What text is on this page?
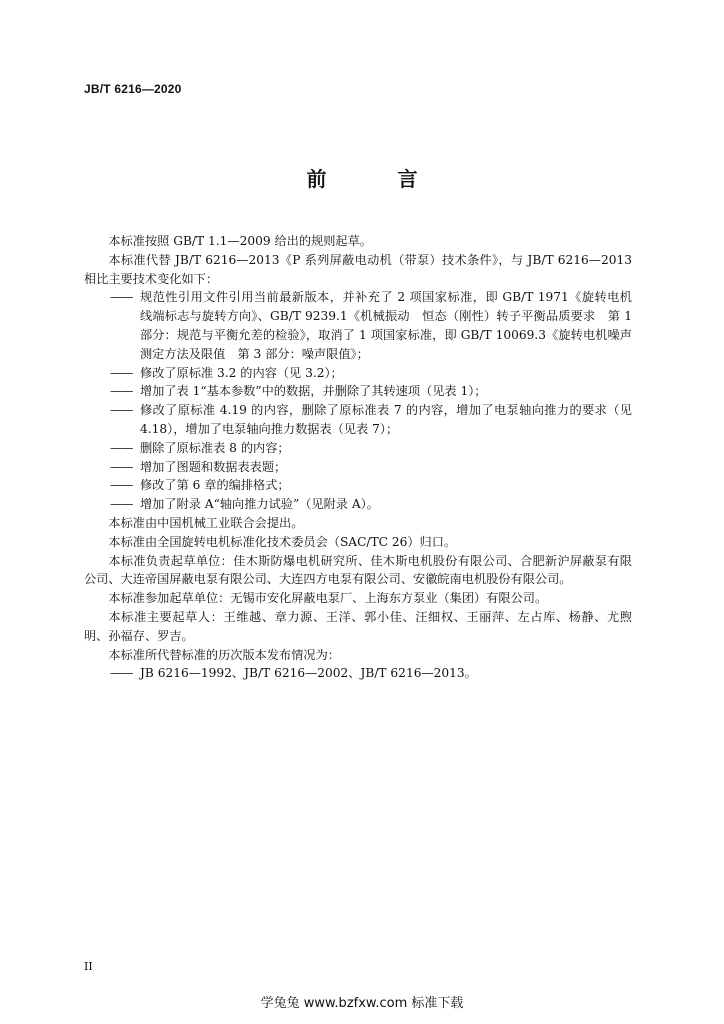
JB/T 6216—2020
前 言

本标准按照 GB/T 1.1—2009 给出的规则起草。

本标准代替 JB/T 6216—2013《P 系列屏蔽电动机（带泵）技术条件》，与 JB/T 6216—2013 相比主要技术变化如下：

—— 规范性引用文件引用当前最新版本，并补充了 2 项国家标准，即 GB/T 1971《旋转电机　线端标志与旋转方向》、GB/T 9239.1《机械振动　恒态（刚性）转子平衡品质要求　第 1 部分：规范与平衡允差的检验》，取消了 1 项国家标准，即 GB/T 10069.3《旋转电机噪声测定方法及限值　第 3 部分：噪声限值》；

—— 修改了原标准 3.2 的内容（见 3.2）；

—— 增加了表 1“基本参数”中的数据，并删除了其转速项（见表 1）；

—— 修改了原标准 4.19 的内容，删除了原标准表 7 的内容，增加了电泵轴向推力的要求（见 4.18），增加了电泵轴向推力数据表（见表 7）；

—— 删除了原标准表 8 的内容；

—— 增加了图题和数据表表题；

—— 修改了第 6 章的编排格式；

—— 增加了附录 A“轴向推力试验”（见附录 A）。

本标准由中国机械工业联合会提出。

本标准由全国旋转电机标准化技术委员会（SAC/TC 26）归口。

本标准负责起草单位：佳木斯防爆电机研究所、佳木斯电机股份有限公司、合肥新沪屏蔽泵有限公司、大连帝国屏蔽电泵有限公司、大连四方电泵有限公司、安徽皖南电机股份有限公司。

本标准参加起草单位：无锡市安化屏蔽电泵厂、上海东方泵业（集团）有限公司。

本标准主要起草人：王维越、章力源、王洋、郭小佳、汪细权、王丽萍、左占库、杨静、尤煦明、孙福存、罗吉。

本标准所代替标准的历次版本发布情况为：

—— JB 6216—1992、JB/T 6216—2002、JB/T 6216—2013。

II
学兔兔 www.bzfxw.com 标准下载
